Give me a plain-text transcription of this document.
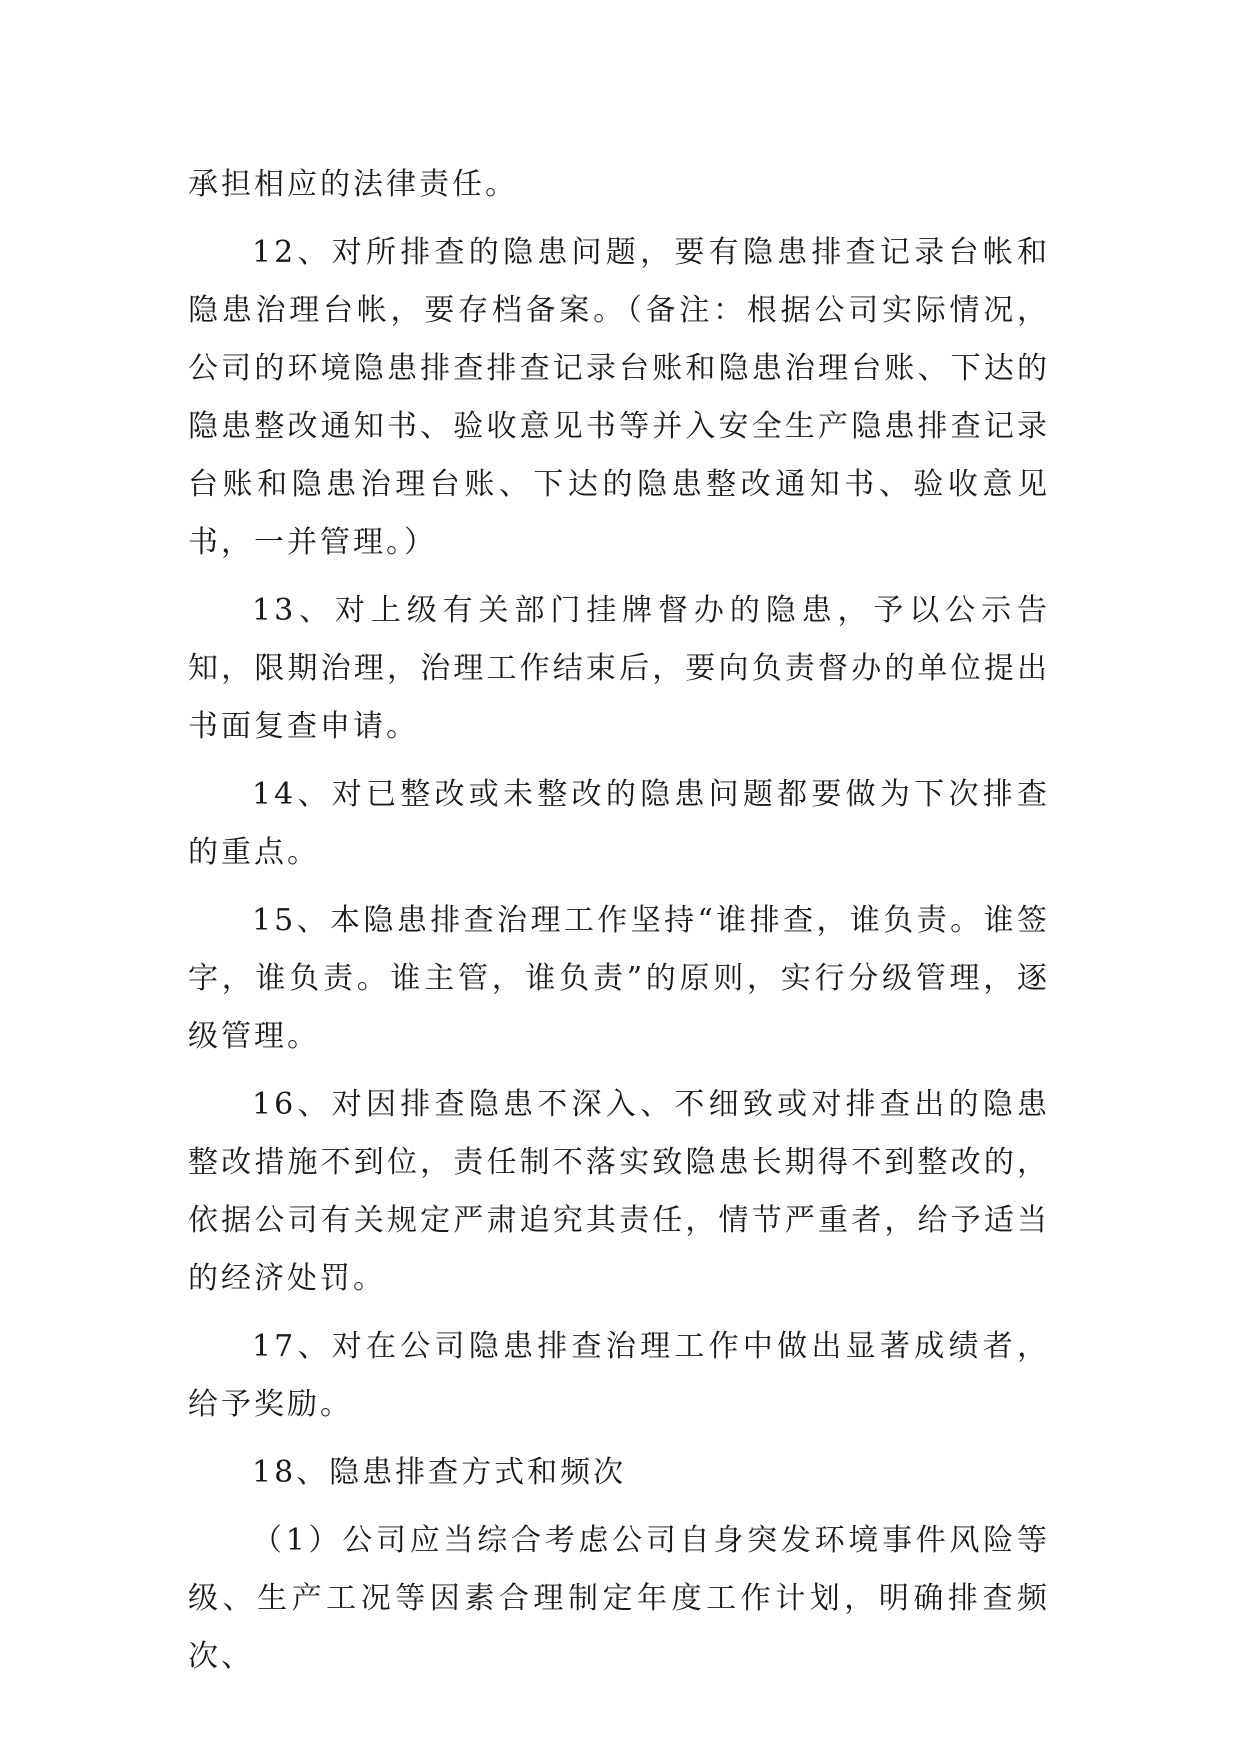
承担相应的法律责任。

12、对所排查的隐患问题，要有隐患排查记录台帐和隐患治理台帐，要存档备案。（备注：根据公司实际情况，公司的环境隐患排查排查记录台账和隐患治理台账、下达的隐患整改通知书、验收意见书等并入安全生产隐患排查记录台账和隐患治理台账、下达的隐患整改通知书、验收意见书，一并管理。）

13、对上级有关部门挂牌督办的隐患，予以公示告知，限期治理，治理工作结束后，要向负责督办的单位提出书面复查申请。

14、对已整改或未整改的隐患问题都要做为下次排查的重点。

15、本隐患排查治理工作坚持“谁排查，谁负责。谁签字，谁负责。谁主管，谁负责”的原则，实行分级管理，逐级管理。

16、对因排查隐患不深入、不细致或对排查出的隐患整改措施不到位，责任制不落实致隐患长期得不到整改的，依据公司有关规定严肃追究其责任，情节严重者，给予适当的经济处罚。

17、对在公司隐患排查治理工作中做出显著成绩者，给予奖励。

18、隐患排查方式和频次

（1）公司应当综合考虑公司自身突发环境事件风险等级、生产工况等因素合理制定年度工作计划，明确排查频次、
